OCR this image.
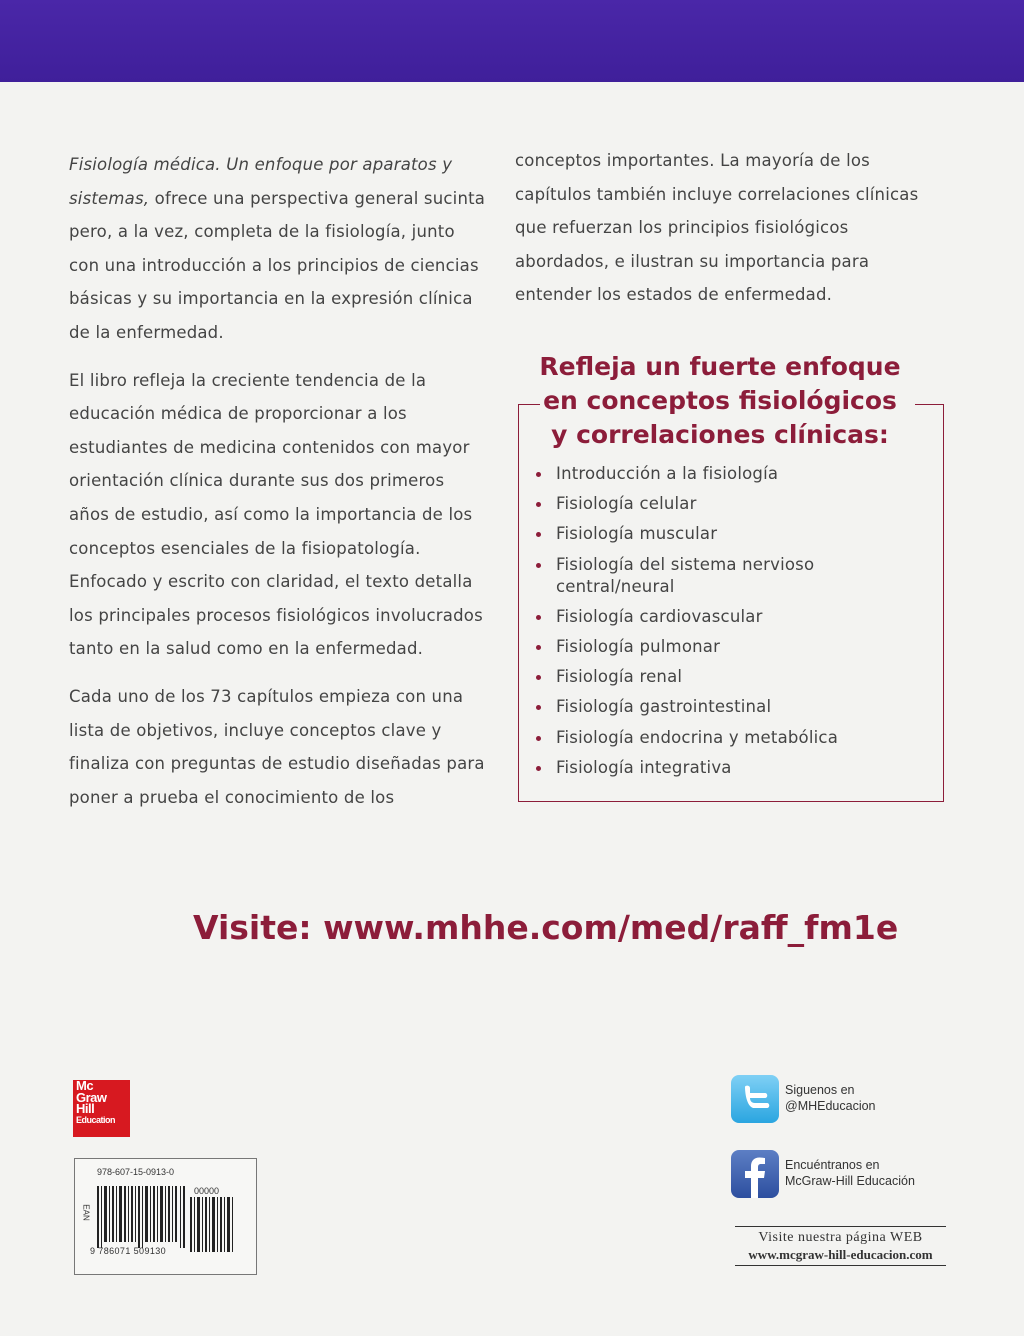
Fisiología médica. Un enfoque por aparatos y sistemas, ofrece una perspectiva general sucinta pero, a la vez, completa de la fisiología, junto con una introducción a los principios de ciencias básicas y su importancia en la expresión clínica de la enfermedad.

El libro refleja la creciente tendencia de la educación médica de proporcionar a los estudiantes de medicina contenidos con mayor orientación clínica durante sus dos primeros años de estudio, así como la importancia de los conceptos esenciales de la fisiopatología. Enfocado y escrito con claridad, el texto detalla los principales procesos fisiológicos involucrados tanto en la salud como en la enfermedad.

Cada uno de los 73 capítulos empieza con una lista de objetivos, incluye conceptos clave y finaliza con preguntas de estudio diseñadas para poner a prueba el conocimiento de los

conceptos importantes. La mayoría de los capítulos también incluye correlaciones clínicas que refuerzan los principios fisiológicos abordados, e ilustran su importancia para entender los estados de enfermedad.

Refleja un fuerte enfoque
en conceptos fisiológicos
y correlaciones clínicas:
Introducción a la fisiología
Fisiología celular
Fisiología muscular
Fisiología del sistema nervioso central/neural
Fisiología cardiovascular
Fisiología pulmonar
Fisiología renal
Fisiología gastrointestinal
Fisiología endocrina y metabólica
Fisiología integrativa
Visite: www.mhhe.com/med/raff_fm1e
Mc
Graw
Hill
Education
978-607-15-0913-0
EAN
00000
9 786071 509130
Siguenos en
@MHEducacion
Encuéntranos en
McGraw-Hill Educación
Visite nuestra página WEB
www.mcgraw-hill-educacion.com
